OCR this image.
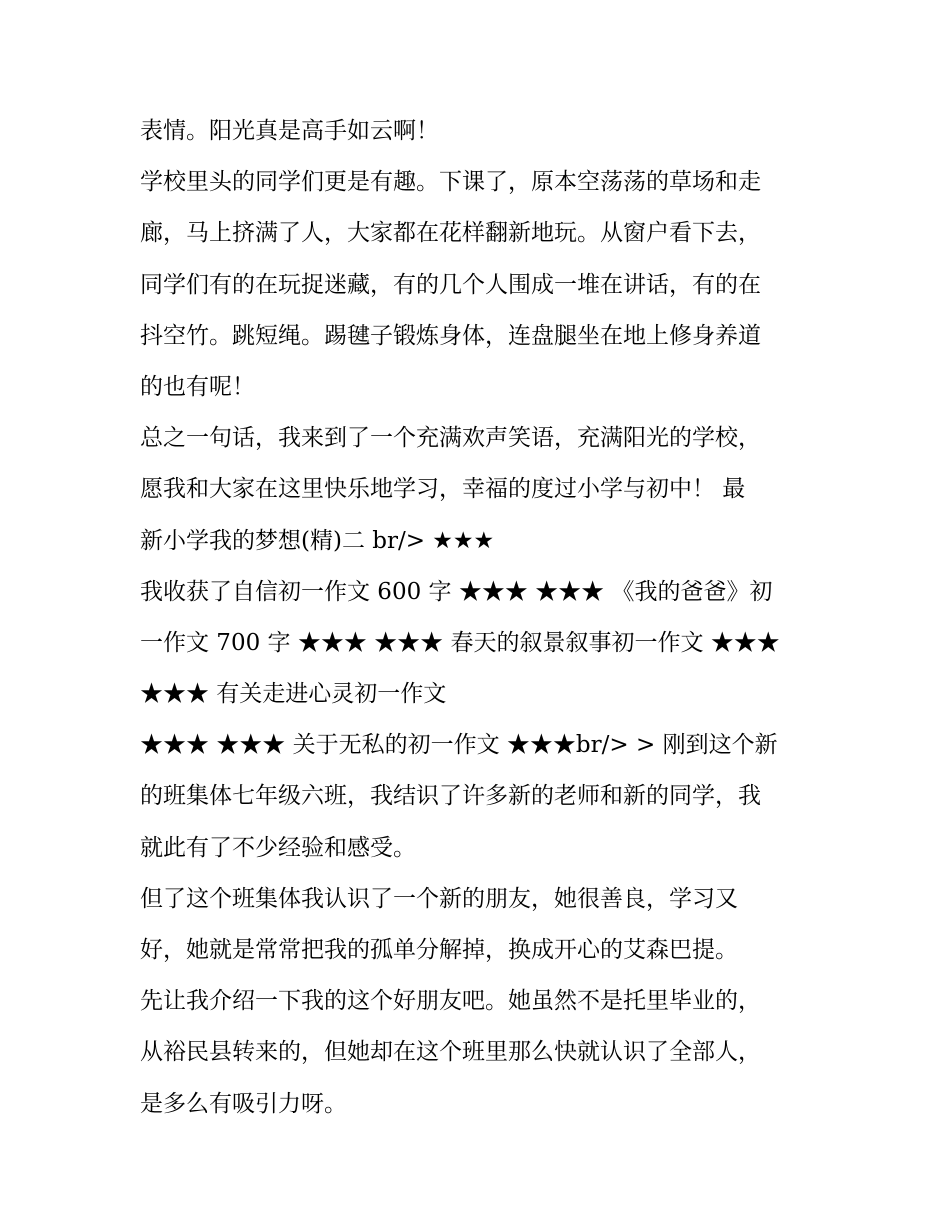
表情。阳光真是高手如云啊！
学校里头的同学们更是有趣。下课了，原本空荡荡的草场和走
廊，马上挤满了人，大家都在花样翻新地玩。从窗户看下去，
同学们有的在玩捉迷藏，有的几个人围成一堆在讲话，有的在
抖空竹。跳短绳。踢毽子锻炼身体，连盘腿坐在地上修身养道
的也有呢！
总之一句话，我来到了一个充满欢声笑语，充满阳光的学校，
愿我和大家在这里快乐地学习，幸福的度过小学与初中！ 最
新小学我的梦想(精)二 br/> ★★★
我收获了自信初一作文 600 字 ★★★ ★★★ 《我的爸爸》初
一作文 700 字 ★★★ ★★★ 春天的叙景叙事初一作文 ★★★
★★★ 有关走进心灵初一作文
★★★ ★★★ 关于无私的初一作文 ★★★br/> > 刚到这个新
的班集体七年级六班，我结识了许多新的老师和新的同学，我
就此有了不少经验和感受。
但了这个班集体我认识了一个新的朋友，她很善良，学习又
好，她就是常常把我的孤单分解掉，换成开心的艾森巴提。
先让我介绍一下我的这个好朋友吧。她虽然不是托里毕业的，
从裕民县转来的，但她却在这个班里那么快就认识了全部人，
是多么有吸引力呀。
